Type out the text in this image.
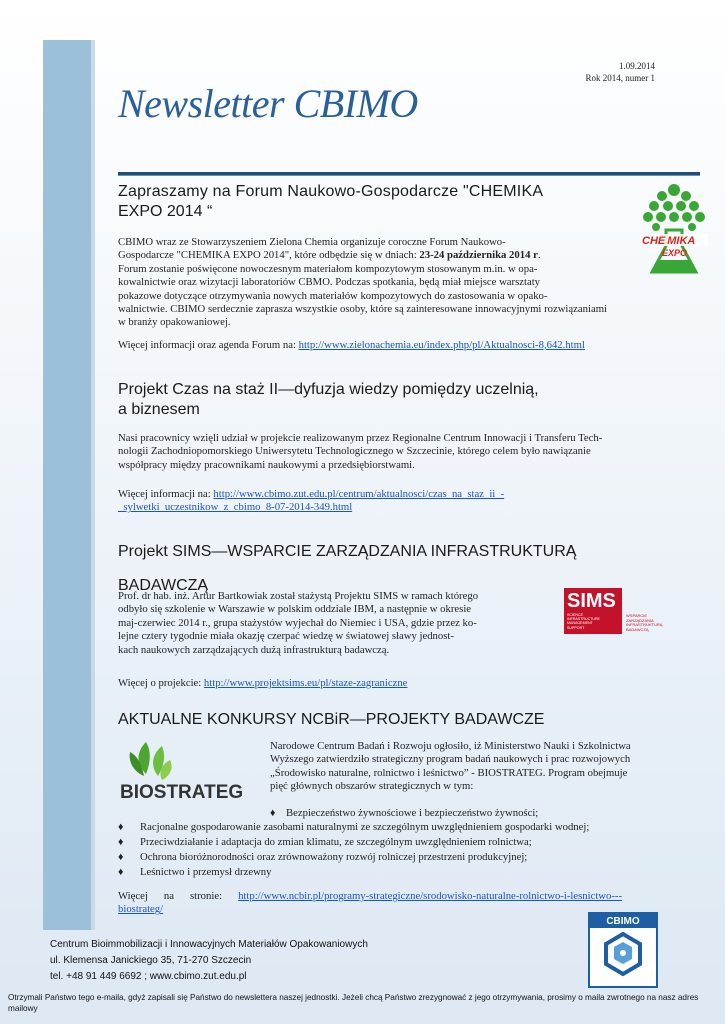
1.09.2014
Rok 2014, numer 1
Newsletter CBIMO
Zapraszamy na Forum Naukowo-Gospodarcze "CHEMIKA
EXPO 2014 “
CBIMO wraz ze Stowarzyszeniem Zielona Chemia organizuje coroczne Forum Naukowo-
Gospodarcze "CHEMIKA EXPO 2014", które odbędzie się w dniach: 23-24 października 2014 r.
Forum zostanie poświęcone nowoczesnym materiałom kompozytowym stosowanym m.in. w opa-
kowalnictwie oraz wizytacji laboratoriów CBMO. Podczas spotkania, będą miał miejsce warsztaty
pokazowe dotyczące otrzymywania nowych materiałów kompozytowych do zastosowania w opako-
walnictwie. CBIMO serdecznie zaprasza wszystkie osoby, które są zainteresowane innowacyjnymi rozwiązaniami
w branży opakowaniowej.
Więcej informacji oraz agenda Forum na: http://www.zielonachemia.eu/index.php/pl/Aktualnosci-8,642.html
CHE MIKA
EXPO
Projekt Czas na staż II—dyfuzja wiedzy pomiędzy uczelnią,
a biznesem
Nasi pracownicy wzięli udział w projekcie realizowanym przez Regionalne Centrum Innowacji i Transferu Tech-
nologii Zachodniopomorskiego Uniwersytetu Technologicznego w Szczecinie, którego celem było nawiązanie
współpracy między pracownikami naukowymi a przedsiębiorstwami.
Więcej informacji na: http://www.cbimo.zut.edu.pl/centrum/aktualnosci/czas_na_staz_ii_-
_sylwetki_uczestnikow_z_cbimo_8-07-2014-349.html
Projekt SIMS—WSPARCIE ZARZĄDZANIA INFRASTRUKTURĄ
BADAWCZĄ
Prof. dr hab. inż. Artur Bartkowiak został stażystą Projektu SIMS w ramach którego
odbyło się szkolenie w Warszawie w polskim oddziale IBM, a następnie w okresie
maj-czerwiec 2014 r., grupa stażystów wyjechał do Niemiec i USA, gdzie przez ko-
lejne cztery tygodnie miała okazję czerpać wiedzę w światowej sławy jednost-
kach naukowych zarządzających dużą infrastrukturą badawczą.
Więcej o projekcie: http://www.projektsims.eu/pl/staze-zagraniczne
SIMS
SCIENCE
INFRASTRUCTURE
MANAGEMENT
SUPPORT
WSPARCIE
ZARZĄDZANIA
INFRASTRUKTURĄ
BADAWCZĄ
AKTUALNE KONKURSY NCBiR—PROJEKTY BADAWCZE
BIOSTRATEG
Narodowe Centrum Badań i Rozwoju ogłosiło, iż Ministerstwo Nauki i Szkolnictwa
Wyższego zatwierdziło strategiczny program badań naukowych i prac rozwojowych
„Środowisko naturalne, rolnictwo i leśnictwo” - BIOSTRATEG. Program obejmuje
pięć głównych obszarów strategicznych w tym:
♦ Bezpieczeństwo żywnościowe i bezpieczeństwo żywności;
♦ Racjonalne gospodarowanie zasobami naturalnymi ze szczególnym uwzględnieniem gospodarki wodnej;
♦ Przeciwdziałanie i adaptacja do zmian klimatu, ze szczególnym uwzględnieniem rolnictwa;
♦ Ochrona bioróżnorodności oraz zrównoważony rozwój rolniczej przestrzeni produkcyjnej;
♦ Leśnictwo i przemysł drzewny
Więcej      na      stronie:      http://www.ncbir.pl/programy-strategiczne/srodowisko-naturalne-rolnictwo-i-lesnictwo---
biostrateg/
Centrum Bioimmobilizacji i Innowacyjnych Materiałów Opakowaniowych
ul. Klemensa Janickiego 35, 71-270 Szczecin
tel. +48 91 449 6692 ; www.cbimo.zut.edu.pl
CBIMO
Otrzymali Państwo tego e-maila, gdyż zapisali się Państwo do newslettera naszej jednostki. Jeżeli chcą Państwo zrezygnować z jego otrzymywania, prosimy o maila zwrotnego na nasz adres mailowy
